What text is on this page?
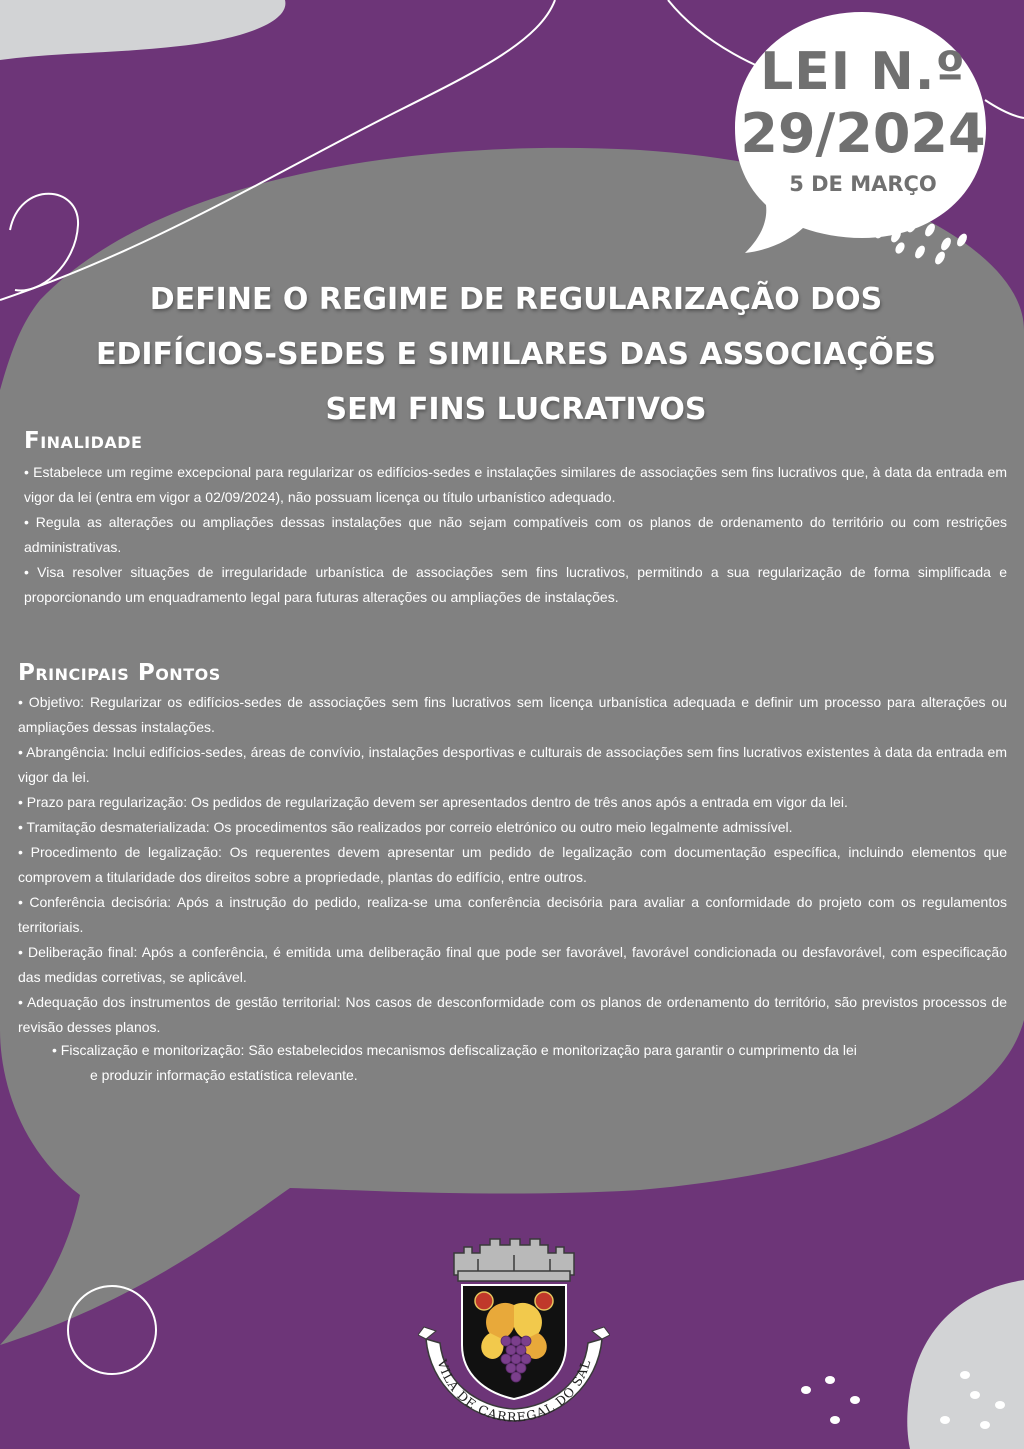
LEI N.º
29/2024
5 DE MARÇO
DEFINE O REGIME DE REGULARIZAÇÃO DOS
EDIFÍCIOS-SEDES E SIMILARES DAS ASSOCIAÇÕES
SEM FINS LUCRATIVOS
Finalidade

• Estabelece um regime excepcional para regularizar os edifícios-sedes e instalações similares de associações sem fins lucrativos que, à data da entrada em vigor da lei (entra em vigor a 02/09/2024), não possuam licença ou título urbanístico adequado.

• Regula as alterações ou ampliações dessas instalações que não sejam compatíveis com os planos de ordenamento do território ou com restrições administrativas.

• Visa resolver situações de irregularidade urbanística de associações sem fins lucrativos, permitindo a sua regularização de forma simplificada e proporcionando um enquadramento legal para futuras alterações ou ampliações de instalações.

Principais Pontos

• Objetivo: Regularizar os edifícios-sedes de associações sem fins lucrativos sem licença urbanística adequada e definir um processo para alterações ou ampliações dessas instalações.

• Abrangência: Inclui edifícios-sedes, áreas de convívio, instalações desportivas e culturais de associações sem fins lucrativos existentes à data da entrada em vigor da lei.

• Prazo para regularização: Os pedidos de regularização devem ser apresentados dentro de três anos após a entrada em vigor da lei.

• Tramitação desmaterializada: Os procedimentos são realizados por correio eletrónico ou outro meio legalmente admissível.

• Procedimento de legalização: Os requerentes devem apresentar um pedido de legalização com documentação específica, incluindo elementos que comprovem a titularidade dos direitos sobre a propriedade, plantas do edifício, entre outros.

• Conferência decisória: Após a instrução do pedido, realiza-se uma conferência decisória para avaliar a conformidade do projeto com os regulamentos territoriais.

• Deliberação final: Após a conferência, é emitida uma deliberação final que pode ser favorável, favorável condicionada ou desfavorável, com especificação das medidas corretivas, se aplicável.

• Adequação dos instrumentos de gestão territorial: Nos casos de desconformidade com os planos de ordenamento do território, são previstos processos de revisão desses planos.

• Fiscalização e monitorização: São estabelecidos mecanismos defiscalização e monitorização para garantir o cumprimento da lei
e produzir informação estatística relevante.
VILA DE CARREGAL DO SAL
